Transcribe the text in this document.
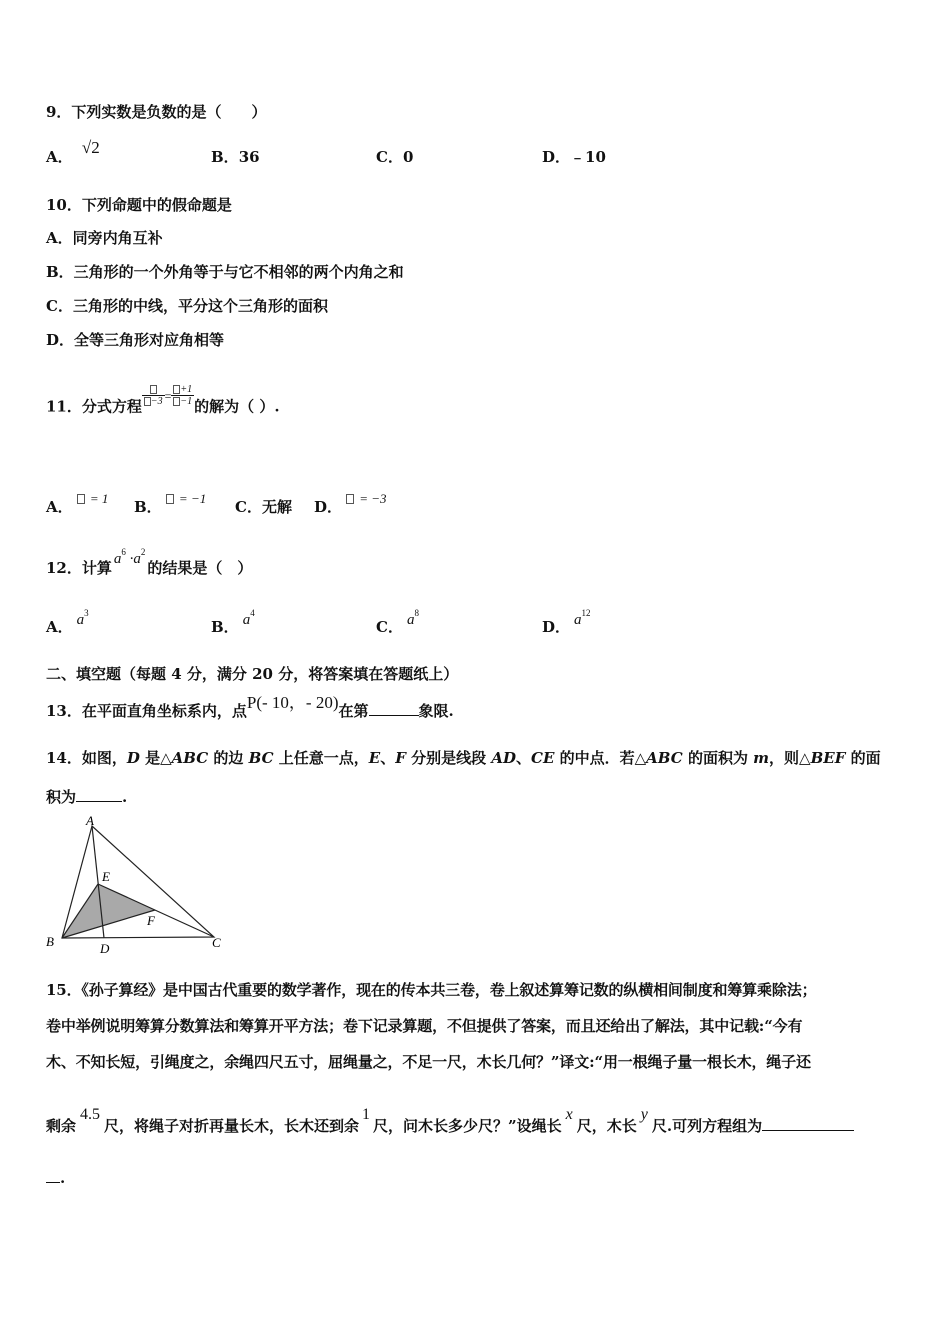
9．下列实数是负数的是（　　）
A． √2	B．36	C．0	D．﹣10
10．下列命题中的假命题是
A．同旁内角互补
B．三角形的一个外角等于与它不相邻的两个内角之和
C．三角形的中线，平分这个三角形的面积
D．全等三角形对应角相等
11．分式方程 −3 $^= \frac{+1}{-1}$ 的解为（ ）.
A． = 1 B． = −1 C．无解 D． = −3
12．计算 $a^6 \cdot a^2$的结果是（　）
A． $a^3$
B． $a^4$
C． $a^8$
D． $a^{12}$
二、填空题（每题 4 分，满分 20 分，将答案填在答题纸上）
13．在平面直角坐标系内，点P(- 10，- 20)在第	象限.
14．如图，D 是△ABC 的边 BC 上任意一点，E、F 分别是线段 AD、CE 的中点．若△ABC 的面积为 m，则△BEF 的面
积为	.
A
B	C
D
E
F
15．《孙子算经》是中国古代重要的数学著作，现在的传本共三卷，卷上叙述算筹记数的纵横相间制度和筹算乘除法；
卷中举例说明筹算分数算法和筹算开平方法；卷下记录算题，不但提供了答案，而且还给出了解法，其中记载:“今有
木、不知长短，引绳度之，余绳四尺五寸，屈绳量之，不足一尺，木长几何？”译文:“用一根绳子量一根长木，绳子还
剩余4.5尺，将绳子对折再量长木，长木还到余1尺，问木长多少尺？”设绳长x尺，木长y尺.可列方程组为
.
